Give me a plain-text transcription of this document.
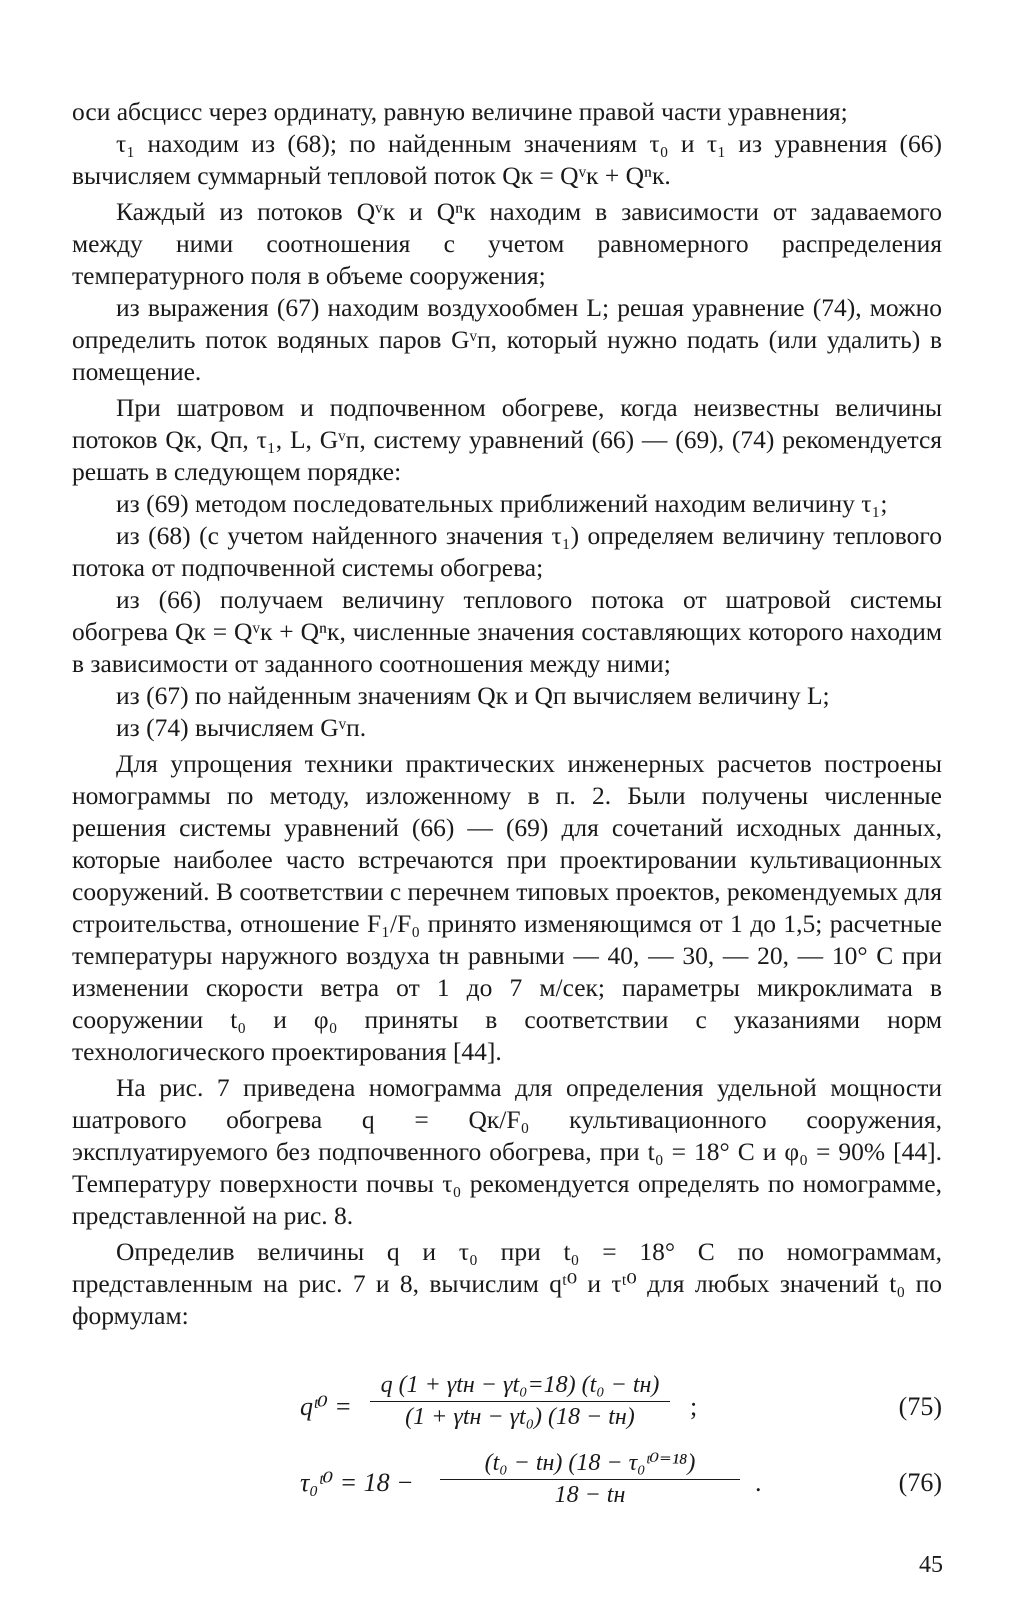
оси абсцисс через ординату, равную величине правой части уравнения;

τ₁ находим из (68); по найденным значениям τ₀ и τ₁ из уравнения (66) вычисляем суммарный тепловой поток Qк = Qᵛк + Qⁿк.

Каждый из потоков Qᵛк и Qⁿк находим в зависимости от задаваемого между ними соотношения с учетом равномерного распределения температурного поля в объеме сооружения;

из выражения (67) находим воздухообмен L; решая уравнение (74), можно определить поток водяных паров Gᵛп, который нужно подать (или удалить) в помещение.

При шатровом и подпочвенном обогреве, когда неизвестны величины потоков Qк, Qп, τ₁, L, Gᵛп, систему уравнений (66) — (69), (74) рекомендуется решать в следующем порядке:

из (69) методом последовательных приближений находим величину τ₁;

из (68) (с учетом найденного значения τ₁) определяем величину теплового потока от подпочвенной системы обогрева;

из (66) получаем величину теплового потока от шатровой системы обогрева Qк = Qᵛк + Qⁿк, численные значения составляющих которого находим в зависимости от заданного соотношения между ними;

из (67) по найденным значениям Qк и Qп вычисляем величину L;

из (74) вычисляем Gᵛп.

Для упрощения техники практических инженерных расчетов построены номограммы по методу, изложенному в п. 2. Были получены численные решения системы уравнений (66) — (69) для сочетаний исходных данных, которые наиболее часто встречаются при проектировании культивационных сооружений. В соответствии с перечнем типовых проектов, рекомендуемых для строительства, отношение F₁/F₀ принято изменяющимся от 1 до 1,5; расчетные температуры наружного воздуха tн равными — 40, — 30, — 20, — 10° С при изменении скорости ветра от 1 до 7 м/сек; параметры микроклимата в сооружении t₀ и φ₀ приняты в соответствии с указаниями норм технологического проектирования [44].

На рис. 7 приведена номограмма для определения удельной мощности шатрового обогрева q = Qк/F₀ культивационного сооружения, эксплуатируемого без подпочвенного обогрева, при t₀ = 18° С и φ₀ = 90% [44]. Температуру поверхности почвы τ₀ рекомендуется определять по номограмме, представленной на рис. 8.

Определив величины q и τ₀ при t₀ = 18° С по номограммам, представленным на рис. 7 и 8, вычислим qᵗ⁰ и τᵗ⁰ для любых значений t₀ по формулам:

qᵗ⁰ =
q (1 + γtн − γt₀=18) (t₀ − tн)
(1 + γtн − γt₀) (18 − tн)	;	(75)
τ₀ᵗ⁰ = 18 −
(t₀ − tн) (18 − τ₀ᵗ⁰⁼¹⁸)
18 − tн	.	(76)
45
